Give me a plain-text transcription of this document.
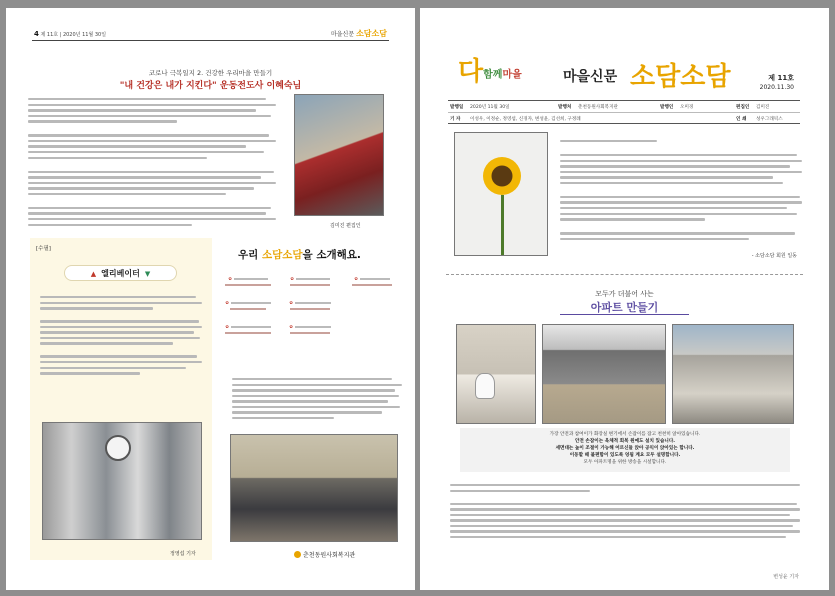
4 제 11호 | 2020년 11월 30일	마을신문 소담소담
코로나 극복일지 2. 건강한 우리마을 만들기
"내 건강은 내가 지킨다" 운동전도사 이혜숙님
김미진 편집인
[수필]
▲ 엘리베이터 ▼
정영섭 기자
우리 소담소담을 소개해요.
✿	✿	✿

✿	✿

✿	✿

춘천동원사회복지관
다함께마을	마을신문 소담소담	제 11호
2020.11.30
발행일 2020년 11월 30일	발행처 춘천동원사회복지관	발행인 오미경	편집인 김미진
기 자 이성우, 이정순, 정영섭, 신경자, 변성윤, 김선희, 구정례	인 쇄 성우그래픽스
- 소담소담 회원 일동
모두가 더불어 사는
아파트 만들기
가장 안전과 참여이가 화장실 변기에서 손잡이를 잡고 천천히 앉아있습니다.
안전 손잡이는 육체적 회복 원예도 설치 있습니다.
세면대는 높이 조절이 가능해 어르신들 앉아 공익이 앉아있는 합니다.
이동할 때 불편함이 있도록 엉됨 계요 모두 설명합니다.
모두 아파트명을 위한 방송을 시설합니다.
변성윤 기자
